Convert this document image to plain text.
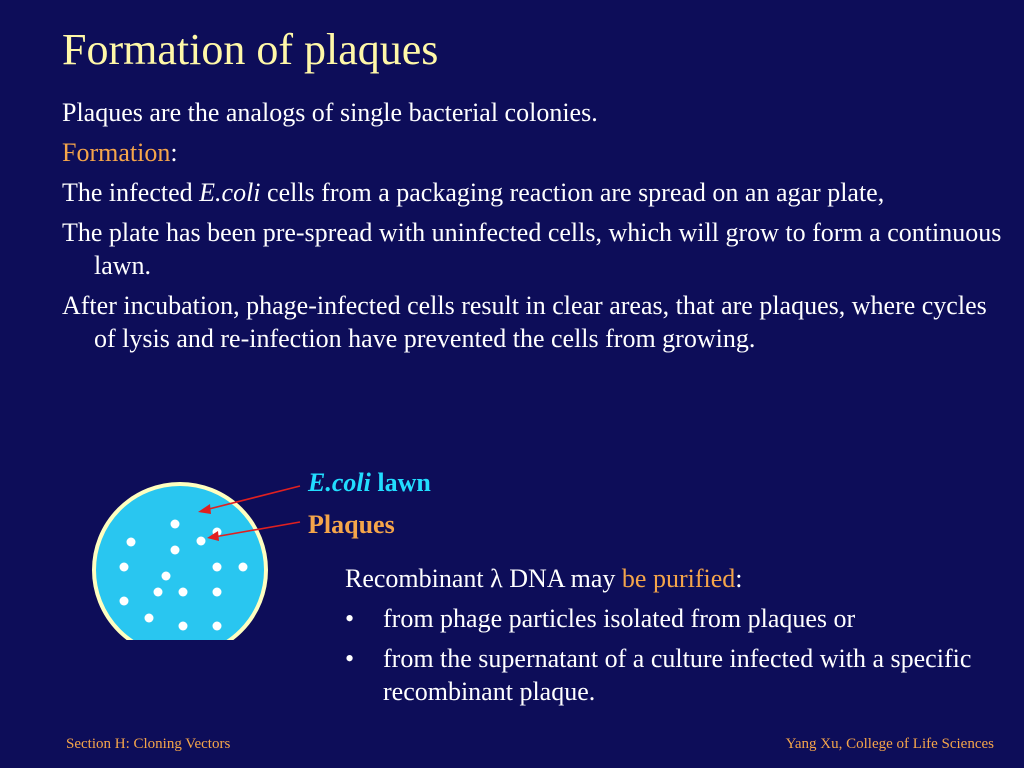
Formation of plaques

Plaques are the analogs of single bacterial colonies.

Formation:

The infected E.coli cells from a packaging reaction are spread on an agar plate,

The plate has been pre-spread with uninfected cells, which will grow to form a continuous lawn.

After incubation, phage-infected cells result in clear areas, that are plaques, where cycles of lysis and re-infection have prevented the cells from growing.

E.coli lawn
Plaques

Recombinant λ DNA may be purified:

•	from phage particles isolated from plaques or
•	from the supernatant of a culture infected with a specific recombinant plaque.
Section H: Cloning Vectors	Yang Xu, College of Life Sciences
